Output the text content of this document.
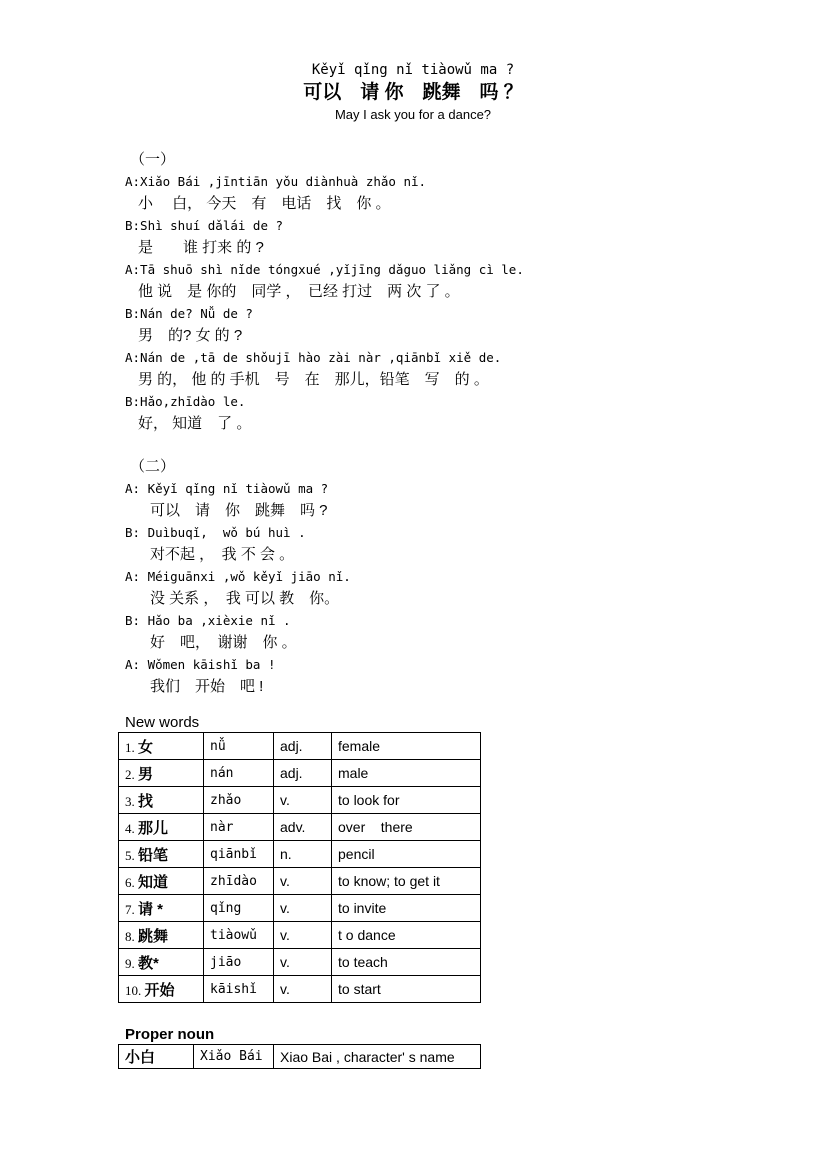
Kěyǐ qǐng nǐ tiàowǔ ma ?
可以　请 你　跳舞　吗 ？
May I ask you for a dance?
（一）
A:Xiǎo Bái ,jīntiān yǒu diànhuà zhǎo nǐ.
小　 白， 今天　有　电话　找　你 。
B:Shì shuí dǎlái de ?
是　　谁 打来 的 ?
A:Tā shuō shì nǐde tóngxué ,yǐjīng dǎguo liǎng cì le.
他 说　是 你的　同学 ，　已经 打过　两 次 了 。
B:Nán de? Nǚ de ?
男　的? 女 的 ?
A:Nán de ,tā de shǒujī hào zài nàr ,qiānbǐ xiě de.
男 的， 他 的 手机　号　在　那儿，铅笔　写　的 。
B:Hǎo,zhīdào le.
好， 知道　了 。
（二）
A: Kěyǐ qǐng nǐ tiàowǔ ma ?
可以　请　你　跳舞　吗 ?
B: Duìbuqǐ,  wǒ bú huì .
对不起 ，　我 不 会 。
A: Méiguānxi ,wǒ kěyǐ jiāo nǐ.
没 关系 ，　我 可以 教　你。
B: Hǎo ba ,xièxie nǐ .
好　吧，　谢谢　你 。
A: Wǒmen kāishǐ ba !
我们　开始　吧 !
New words
1. 女	nǚ	adj.	female
2. 男	nán	adj.	male
3. 找	zhǎo	v.	to look for
4. 那儿	nàr	adv.	over    there
5. 铅笔	qiānbǐ	n.	pencil
6. 知道	zhīdào	v.	to know; to get it
7. 请 *	qǐng	v.	to invite
8. 跳舞	tiàowǔ	v.	t o dance
9. 教*	jiāo	v.	to teach
10. 开始	kāishǐ	v.	to start
Proper noun
小白	Xiǎo Bái	Xiao Bai , character' s name
